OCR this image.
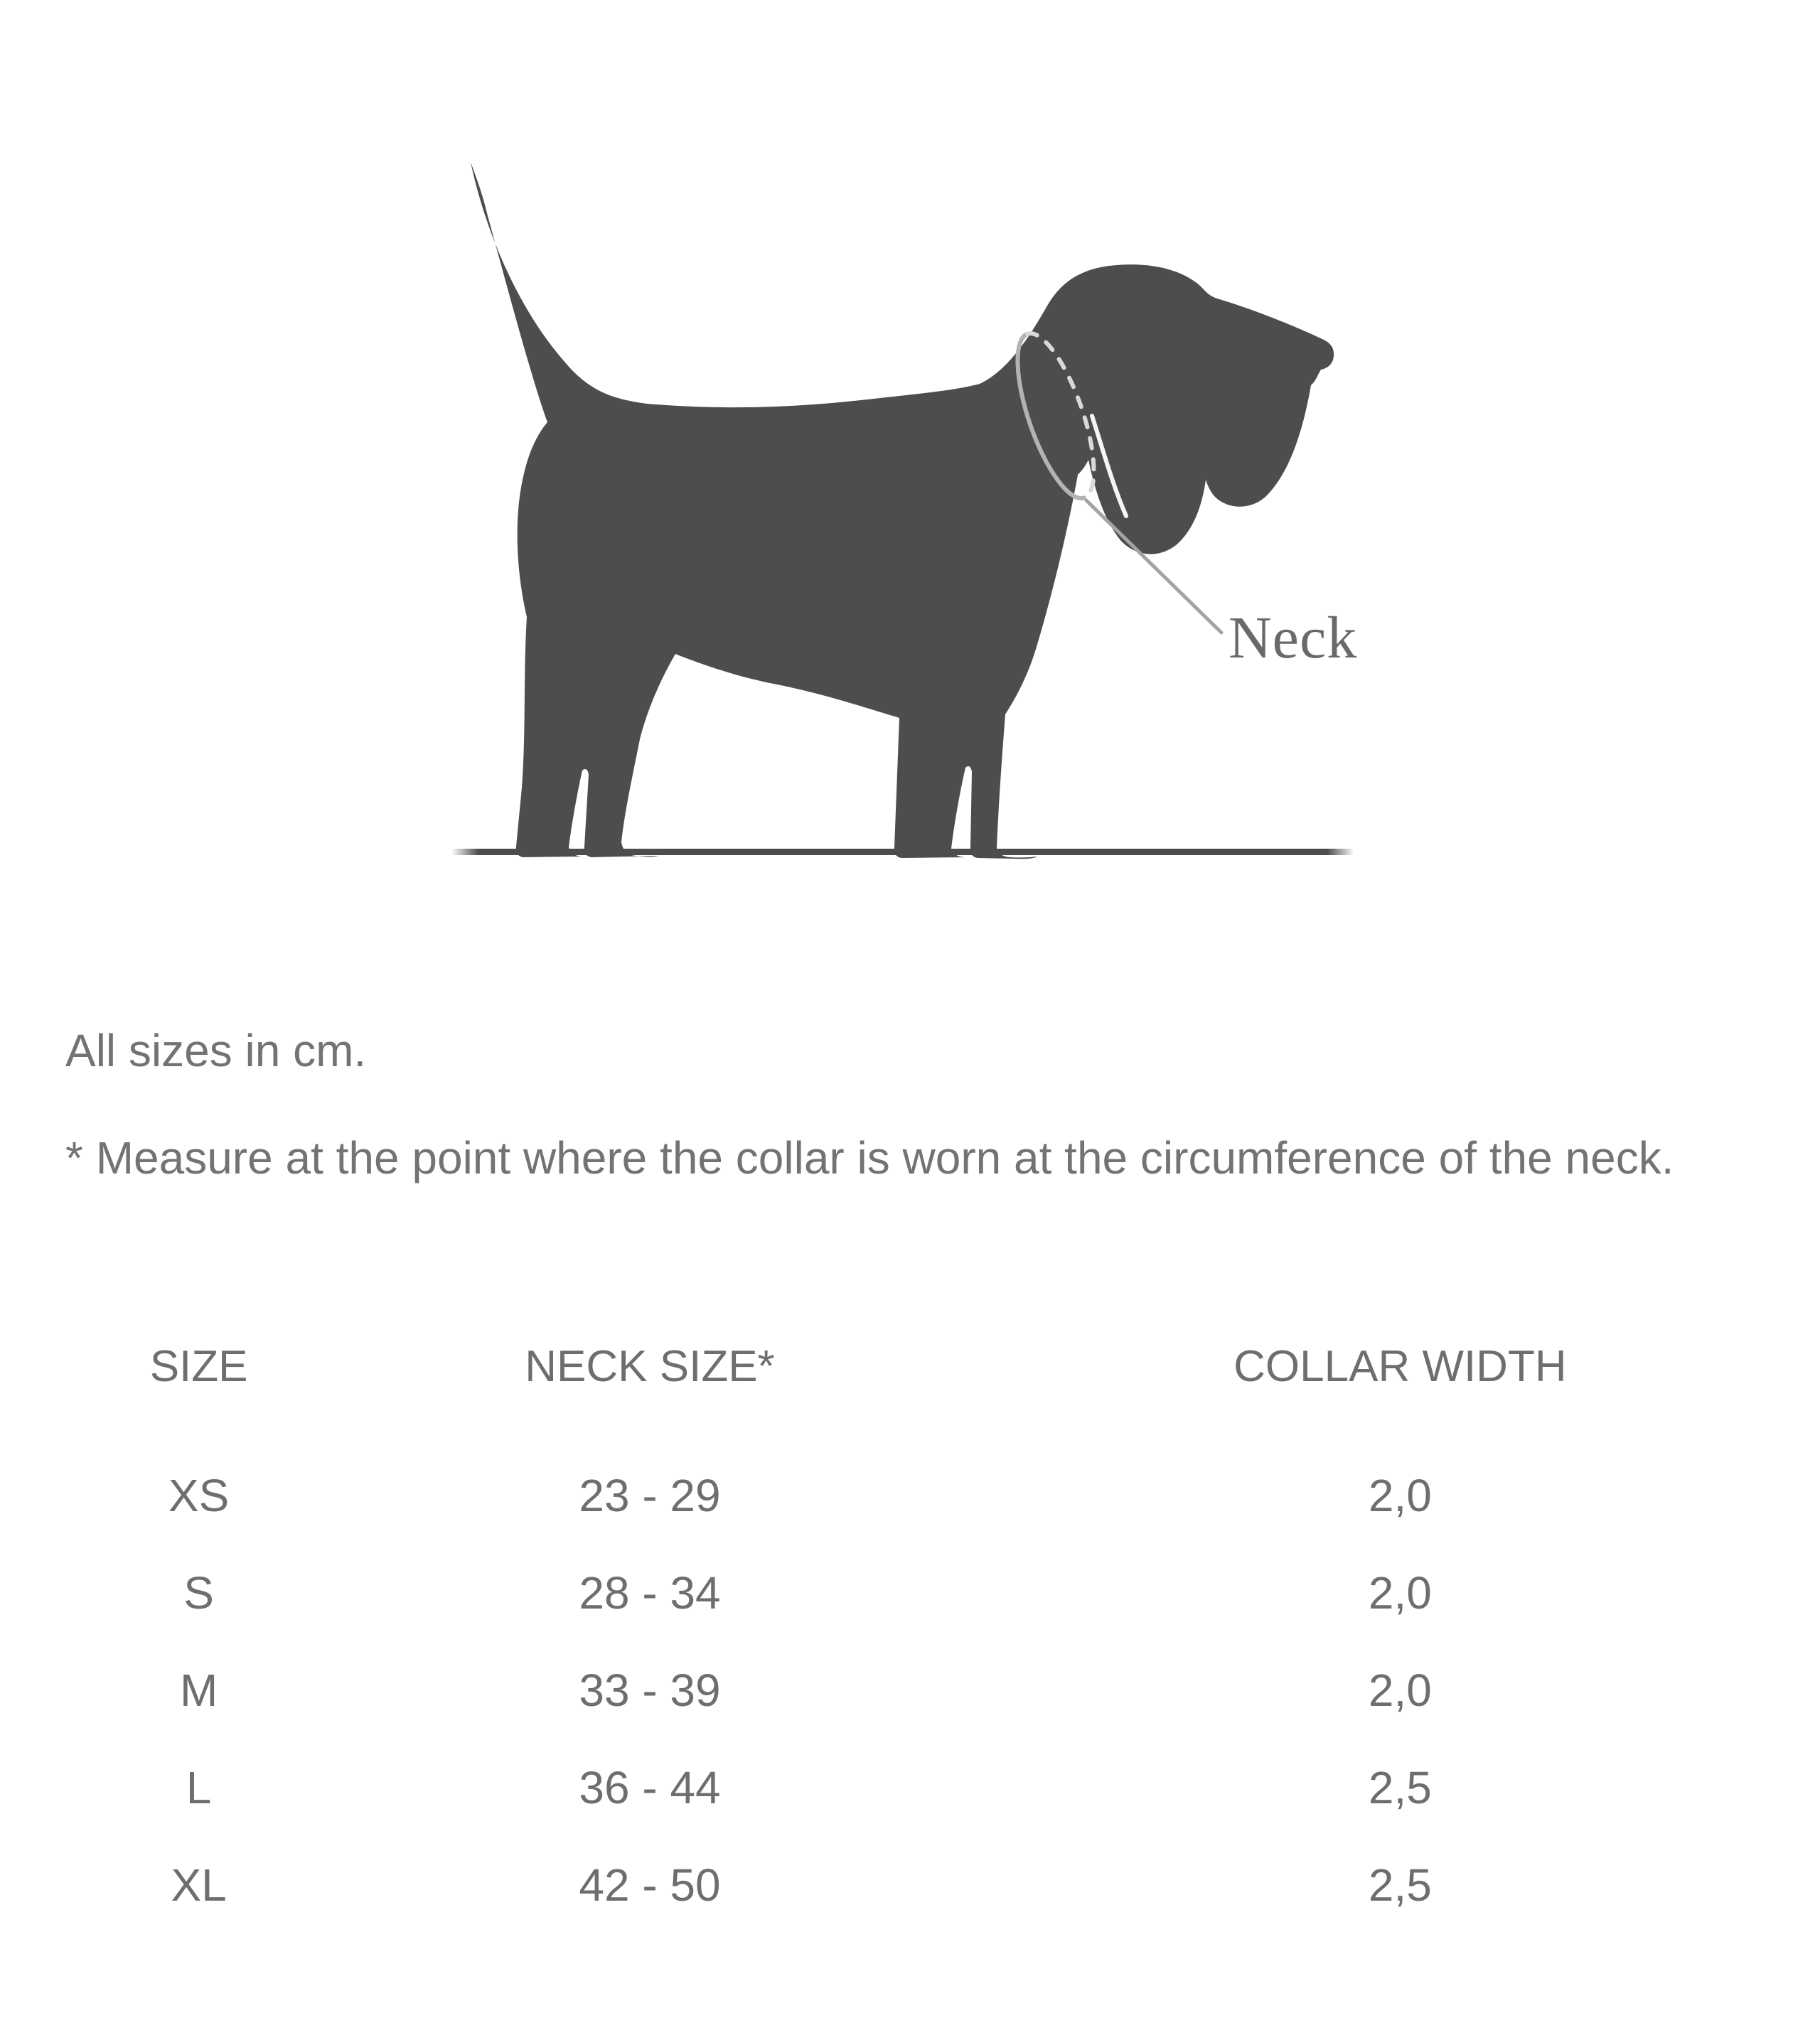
Neck
All sizes in cm.
* Measure at the point where the collar is worn at the circumference of the neck.
SIZE	NECK SIZE*	COLLAR WIDTH
XS	23 - 29	2,0
S	28 - 34	2,0
M	33 - 39	2,0
L	36 - 44	2,5
XL	42 - 50	2,5
